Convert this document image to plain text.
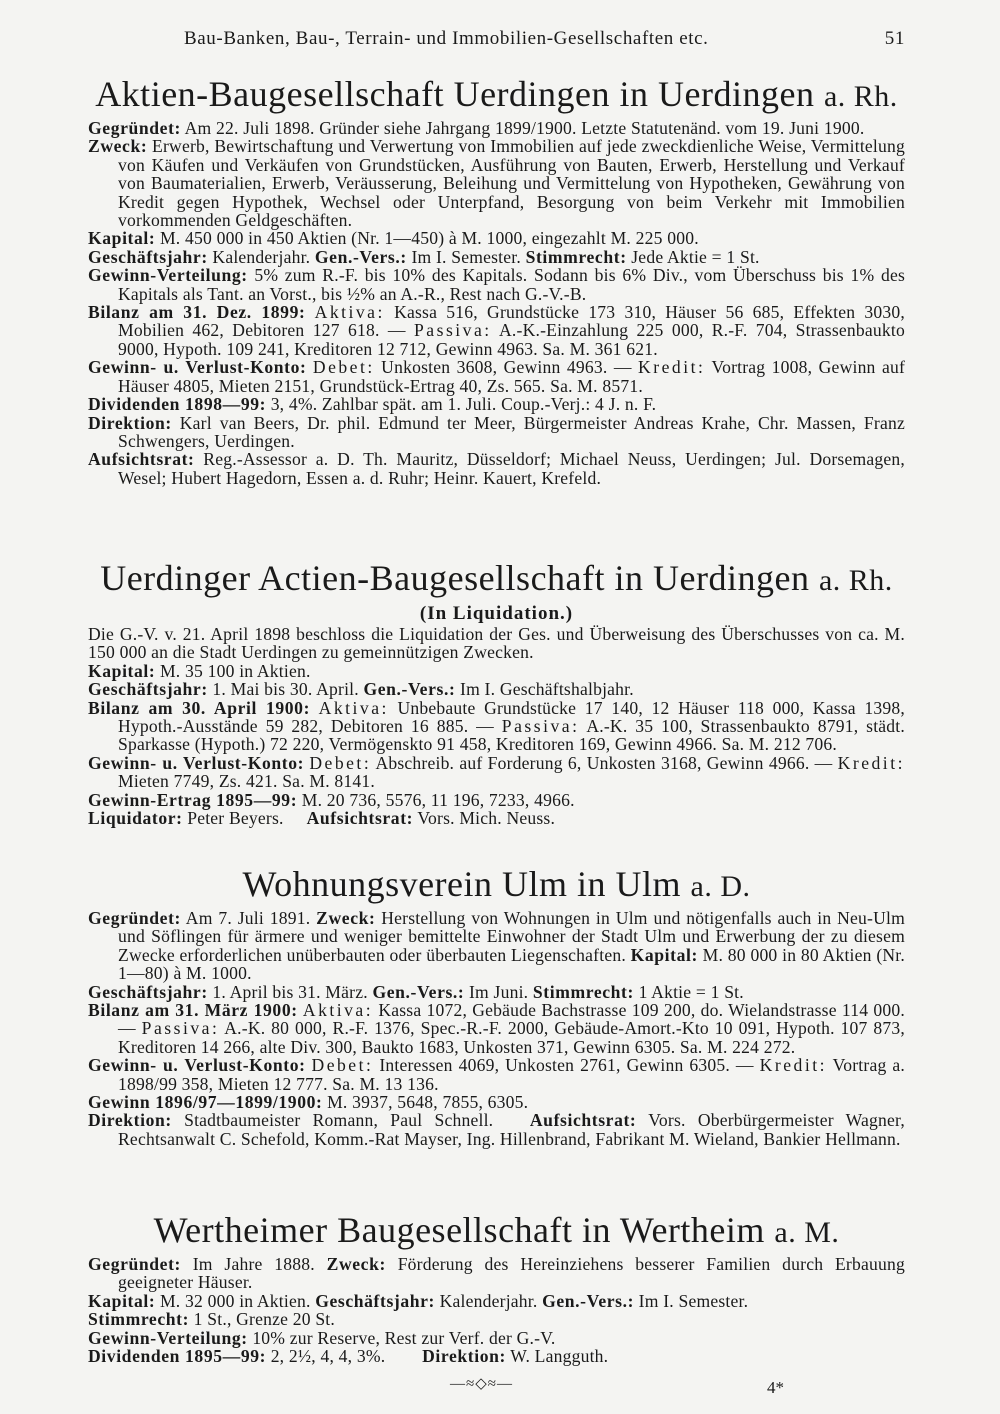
Bau-Banken, Bau-, Terrain- und Immobilien-Gesellschaften etc.	51
Aktien-Baugesellschaft Uerdingen in Uerdingen a. Rh.

Gegründet: Am 22. Juli 1898. Gründer siehe Jahrgang 1899/1900. Letzte Statutenänd. vom 19. Juni 1900.

Zweck: Erwerb, Bewirtschaftung und Verwertung von Immobilien auf jede zweckdienliche Weise, Vermittelung von Käufen und Verkäufen von Grundstücken, Ausführung von Bauten, Erwerb, Herstellung und Verkauf von Baumaterialien, Erwerb, Veräusserung, Beleihung und Vermittelung von Hypotheken, Gewährung von Kredit gegen Hypothek, Wechsel oder Unterpfand, Besorgung von beim Verkehr mit Immobilien vorkommenden Geldgeschäften.

Kapital: M. 450 000 in 450 Aktien (Nr. 1—450) à M. 1000, eingezahlt M. 225 000.

Geschäftsjahr: Kalenderjahr. Gen.-Vers.: Im I. Semester. Stimmrecht: Jede Aktie = 1 St.

Gewinn-Verteilung: 5% zum R.-F. bis 10% des Kapitals. Sodann bis 6% Div., vom Überschuss bis 1% des Kapitals als Tant. an Vorst., bis ½% an A.-R., Rest nach G.-V.-B.

Bilanz am 31. Dez. 1899: Aktiva: Kassa 516, Grundstücke 173 310, Häuser 56 685, Effekten 3030, Mobilien 462, Debitoren 127 618. — Passiva: A.-K.-Einzahlung 225 000, R.-F. 704, Strassenbaukto 9000, Hypoth. 109 241, Kreditoren 12 712, Gewinn 4963. Sa. M. 361 621.

Gewinn- u. Verlust-Konto: Debet: Unkosten 3608, Gewinn 4963. — Kredit: Vortrag 1008, Gewinn auf Häuser 4805, Mieten 2151, Grundstück-Ertrag 40, Zs. 565. Sa. M. 8571.

Dividenden 1898—99: 3, 4%. Zahlbar spät. am 1. Juli. Coup.-Verj.: 4 J. n. F.

Direktion: Karl van Beers, Dr. phil. Edmund ter Meer, Bürgermeister Andreas Krahe, Chr. Massen, Franz Schwengers, Uerdingen.

Aufsichtsrat: Reg.-Assessor a. D. Th. Mauritz, Düsseldorf; Michael Neuss, Uerdingen; Jul. Dorsemagen, Wesel; Hubert Hagedorn, Essen a. d. Ruhr; Heinr. Kauert, Krefeld.

Uerdinger Actien-Baugesellschaft in Uerdingen a. Rh.
(In Liquidation.)

Die G.-V. v. 21. April 1898 beschloss die Liquidation der Ges. und Überweisung des Überschusses von ca. M. 150 000 an die Stadt Uerdingen zu gemeinnützigen Zwecken.

Kapital: M. 35 100 in Aktien.

Geschäftsjahr: 1. Mai bis 30. April. Gen.-Vers.: Im I. Geschäftshalbjahr.

Bilanz am 30. April 1900: Aktiva: Unbebaute Grundstücke 17 140, 12 Häuser 118 000, Kassa 1398, Hypoth.-Ausstände 59 282, Debitoren 16 885. — Passiva: A.-K. 35 100, Strassenbaukto 8791, städt. Sparkasse (Hypoth.) 72 220, Vermögenskto 91 458, Kreditoren 169, Gewinn 4966. Sa. M. 212 706.

Gewinn- u. Verlust-Konto: Debet: Abschreib. auf Forderung 6, Unkosten 3168, Gewinn 4966. — Kredit: Mieten 7749, Zs. 421. Sa. M. 8141.

Gewinn-Ertrag 1895—99: M. 20 736, 5576, 11 196, 7233, 4966.

Liquidator: Peter Beyers. Aufsichtsrat: Vors. Mich. Neuss.

Wohnungsverein Ulm in Ulm a. D.

Gegründet: Am 7. Juli 1891. Zweck: Herstellung von Wohnungen in Ulm und nötigenfalls auch in Neu-Ulm und Söflingen für ärmere und weniger bemittelte Einwohner der Stadt Ulm und Erwerbung der zu diesem Zwecke erforderlichen unüberbauten oder überbauten Liegenschaften. Kapital: M. 80 000 in 80 Aktien (Nr. 1—80) à M. 1000.

Geschäftsjahr: 1. April bis 31. März. Gen.-Vers.: Im Juni. Stimmrecht: 1 Aktie = 1 St.

Bilanz am 31. März 1900: Aktiva: Kassa 1072, Gebäude Bachstrasse 109 200, do. Wielandstrasse 114 000. — Passiva: A.-K. 80 000, R.-F. 1376, Spec.-R.-F. 2000, Gebäude-Amort.-Kto 10 091, Hypoth. 107 873, Kreditoren 14 266, alte Div. 300, Baukto 1683, Unkosten 371, Gewinn 6305. Sa. M. 224 272.

Gewinn- u. Verlust-Konto: Debet: Interessen 4069, Unkosten 2761, Gewinn 6305. — Kredit: Vortrag a. 1898/99 358, Mieten 12 777. Sa. M. 13 136.

Gewinn 1896/97—1899/1900: M. 3937, 5648, 7855, 6305.

Direktion: Stadtbaumeister Romann, Paul Schnell. Aufsichtsrat: Vors. Oberbürgermeister Wagner, Rechtsanwalt C. Schefold, Komm.-Rat Mayser, Ing. Hillenbrand, Fabrikant M. Wieland, Bankier Hellmann.

Wertheimer Baugesellschaft in Wertheim a. M.

Gegründet: Im Jahre 1888. Zweck: Förderung des Hereinziehens besserer Familien durch Erbauung geeigneter Häuser.

Kapital: M. 32 000 in Aktien. Geschäftsjahr: Kalenderjahr. Gen.-Vers.: Im I. Semester.

Stimmrecht: 1 St., Grenze 20 St.

Gewinn-Verteilung: 10% zur Reserve, Rest zur Verf. der G.-V.

Dividenden 1895—99: 2, 2½, 4, 4, 3%. Direktion: W. Langguth.

—≈◇≈—	4*
